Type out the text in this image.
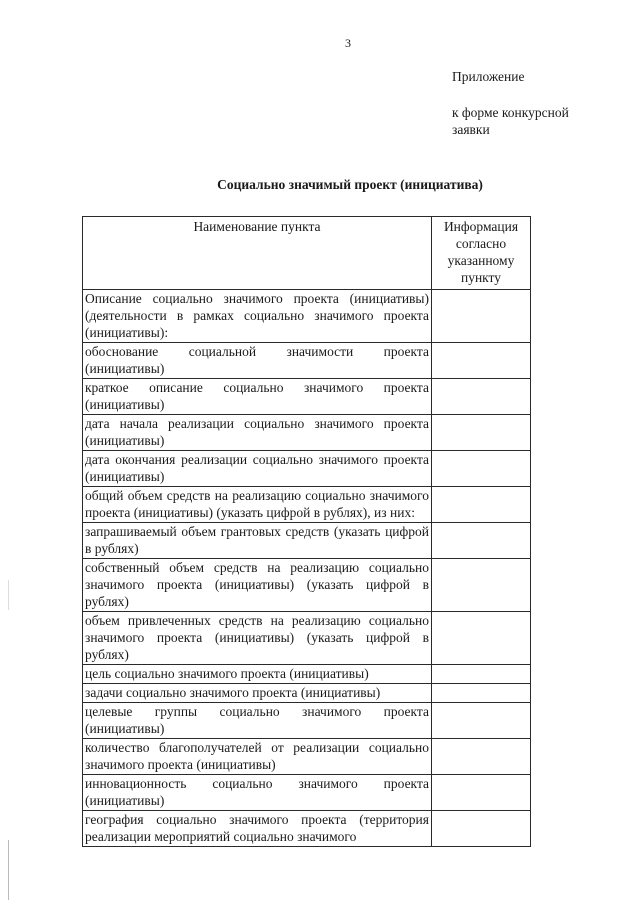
3
Приложение
к форме конкурсной
заявки
Социально значимый проект (инициатива)
Наименование пункта	Информация согласно указанному пункту
Описание социально значимого проекта (инициативы) (деятельности в рамках социально значимого проекта (инициативы):	
обоснование социальной значимости проекта (инициативы)	
краткое описание социально значимого проекта (инициативы)	
дата начала реализации социально значимого проекта (инициативы)	
дата окончания реализации социально значимого проекта (инициативы)	
общий объем средств на реализацию социально значимого проекта (инициативы) (указать цифрой в рублях), из них:	
запрашиваемый объем грантовых средств (указать цифрой в рублях)	
собственный объем средств на реализацию социально значимого проекта (инициативы) (указать цифрой в рублях)	
объем привлеченных средств на реализацию социально значимого проекта (инициативы) (указать цифрой в рублях)	
цель социально значимого проекта (инициативы)	
задачи социально значимого проекта (инициативы)	
целевые группы социально значимого проекта (инициативы)	
количество благополучателей от реализации социально значимого проекта (инициативы)	
инновационность социально значимого проекта (инициативы)	
география социально значимого проекта (территория реализации мероприятий социально значимого	
